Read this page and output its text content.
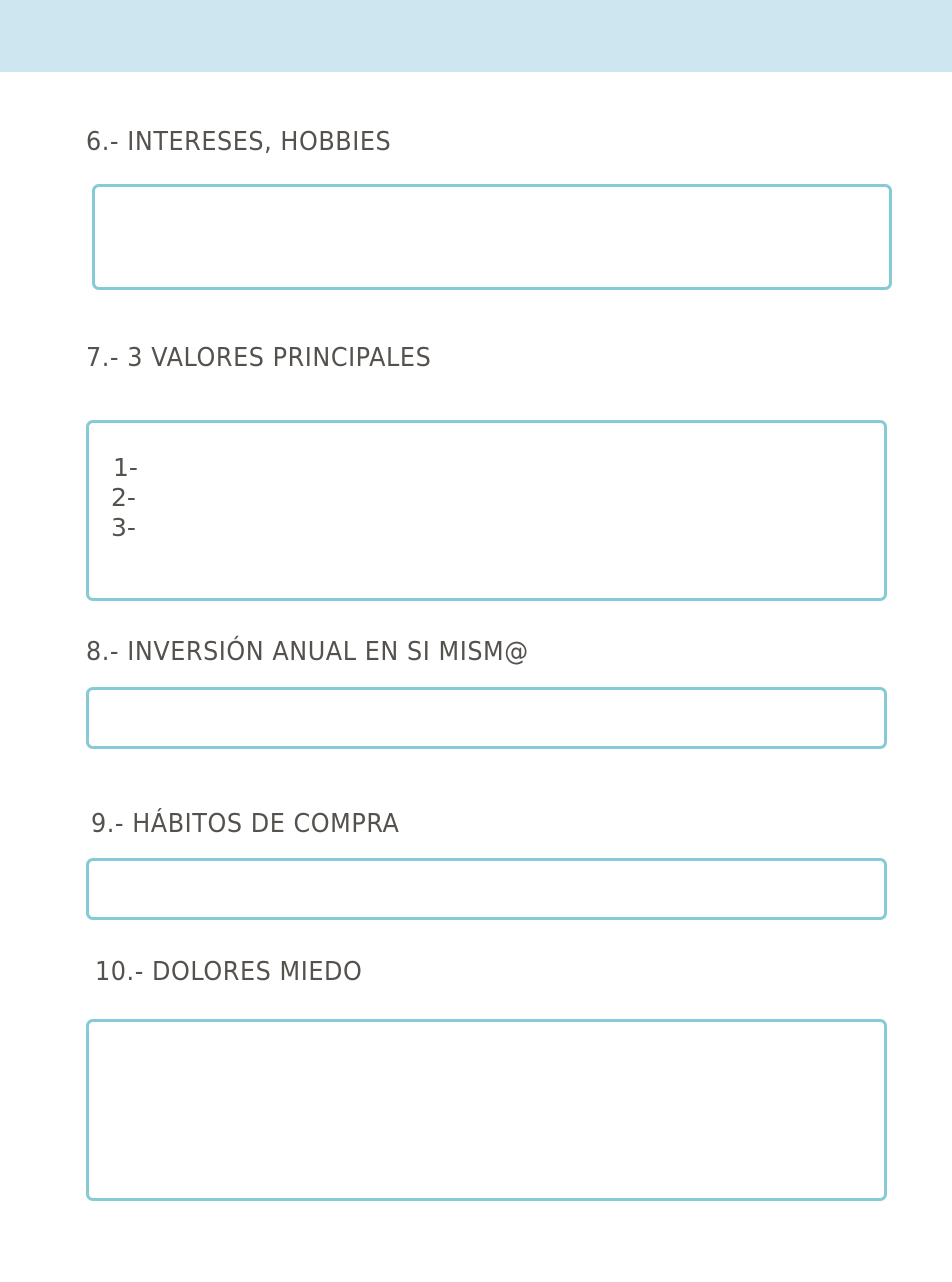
6.- INTERESES, HOBBIES
7.- 3 VALORES PRINCIPALES
1-
2-
3-
8.- INVERSIÓN ANUAL EN SI MISM@
9.- HÁBITOS DE COMPRA
10.- DOLORES MIEDO
